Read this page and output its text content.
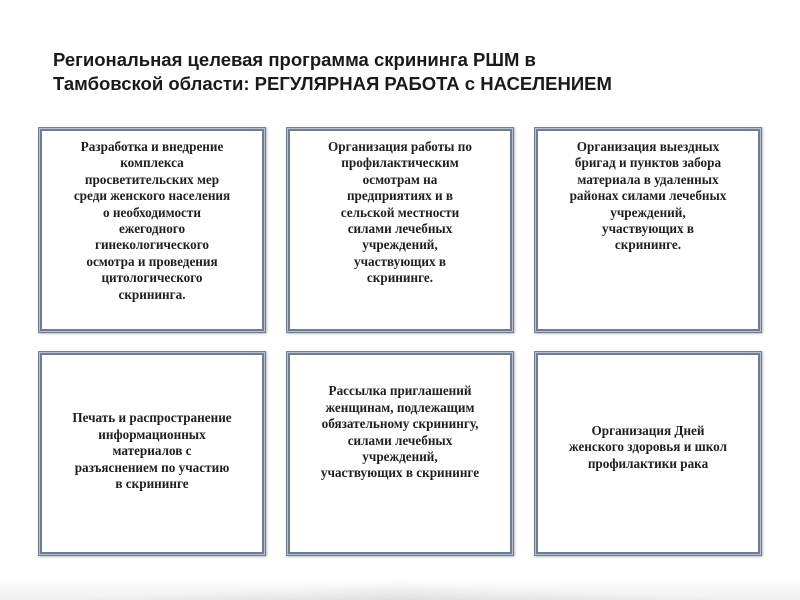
Региональная целевая программа скрининга РШМ в
Тамбовской области: РЕГУЛЯРНАЯ РАБОТА с НАСЕЛЕНИЕМ
Разработка и внедрение
комплекса
просветительских мер
среди женского населения
о необходимости
ежегодного
гинекологического
осмотра и проведения
цитологического
скрининга.
Организация работы по
профилактическим
осмотрам на
предприятиях и в
сельской местности
силами лечебных
учреждений,
участвующих в
скрининге.
Организация выездных
бригад и пунктов забора
материала в удаленных
районах силами лечебных
учреждений,
участвующих в
скрининге.
Печать и распространение
информационных
материалов с
разъяснением по участию
в скрининге
Рассылка приглашений
женщинам, подлежащим
обязательному скринингу,
силами лечебных
учреждений,
участвующих в скрининге
Организация Дней
женского здоровья и школ
профилактики рака
